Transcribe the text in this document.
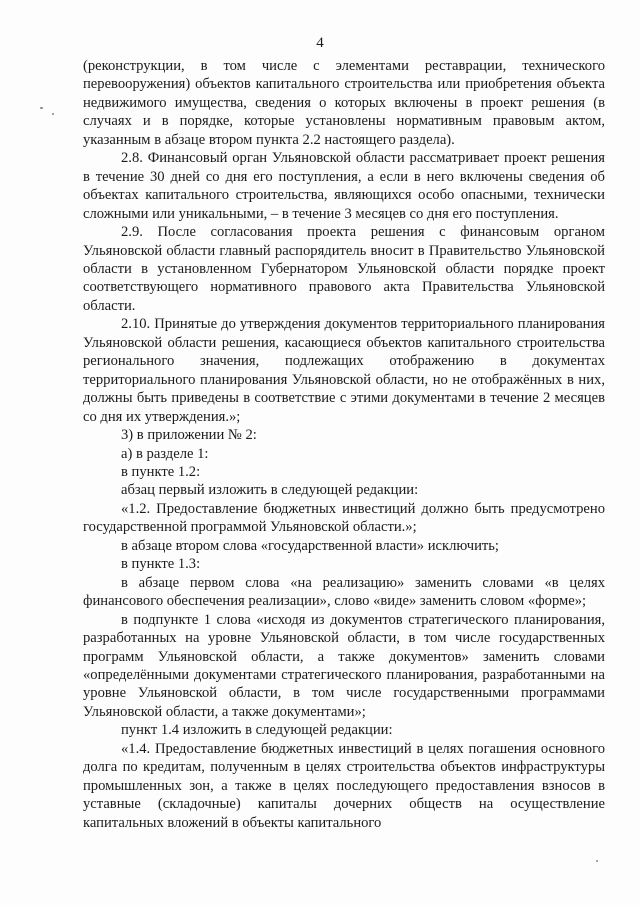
4

(реконструкции, в том числе с элементами реставрации, технического перевооружения) объектов капитального строительства или приобретения объекта недвижимого имущества, сведения о которых включены в проект решения (в случаях и в порядке, которые установлены нормативным правовым актом, указанным в абзаце втором пункта 2.2 настоящего раздела).

2.8. Финансовый орган Ульяновской области рассматривает проект решения в течение 30 дней со дня его поступления, а если в него включены сведения об объектах капитального строительства, являющихся особо опасными, технически сложными или уникальными, – в течение 3 месяцев со дня его поступления.

2.9. После согласования проекта решения с финансовым органом Ульяновской области главный распорядитель вносит в Правительство Ульяновской области в установленном Губернатором Ульяновской области порядке проект соответствующего нормативного правового акта Правительства Ульяновской области.

2.10. Принятые до утверждения документов территориального планирования Ульяновской области решения, касающиеся объектов капитального строительства регионального значения, подлежащих отображению в документах территориального планирования Ульяновской области, но не отображённых в них, должны быть приведены в соответствие с этими документами в течение 2 месяцев со дня их утверждения.»;

3) в приложении № 2:

а) в разделе 1:

в пункте 1.2:

абзац первый изложить в следующей редакции:

«1.2. Предоставление бюджетных инвестиций должно быть предусмотрено государственной программой Ульяновской области.»;

в абзаце втором слова «государственной власти» исключить;

в пункте 1.3:

в абзаце первом слова «на реализацию» заменить словами «в целях финансового обеспечения реализации», слово «виде» заменить словом «форме»;

в подпункте 1 слова «исходя из документов стратегического планирования, разработанных на уровне Ульяновской области, в том числе государственных программ Ульяновской области, а также документов» заменить словами «определёнными документами стратегического планирования, разработанными на уровне Ульяновской области, в том числе государственными программами Ульяновской области, а также документами»;

пункт 1.4 изложить в следующей редакции:

«1.4. Предоставление бюджетных инвестиций в целях погашения основного долга по кредитам, полученным в целях строительства объектов инфраструктуры промышленных зон, а также в целях последующего предоставления взносов в уставные (складочные) капиталы дочерних обществ на осуществление капитальных вложений в объекты капитального
